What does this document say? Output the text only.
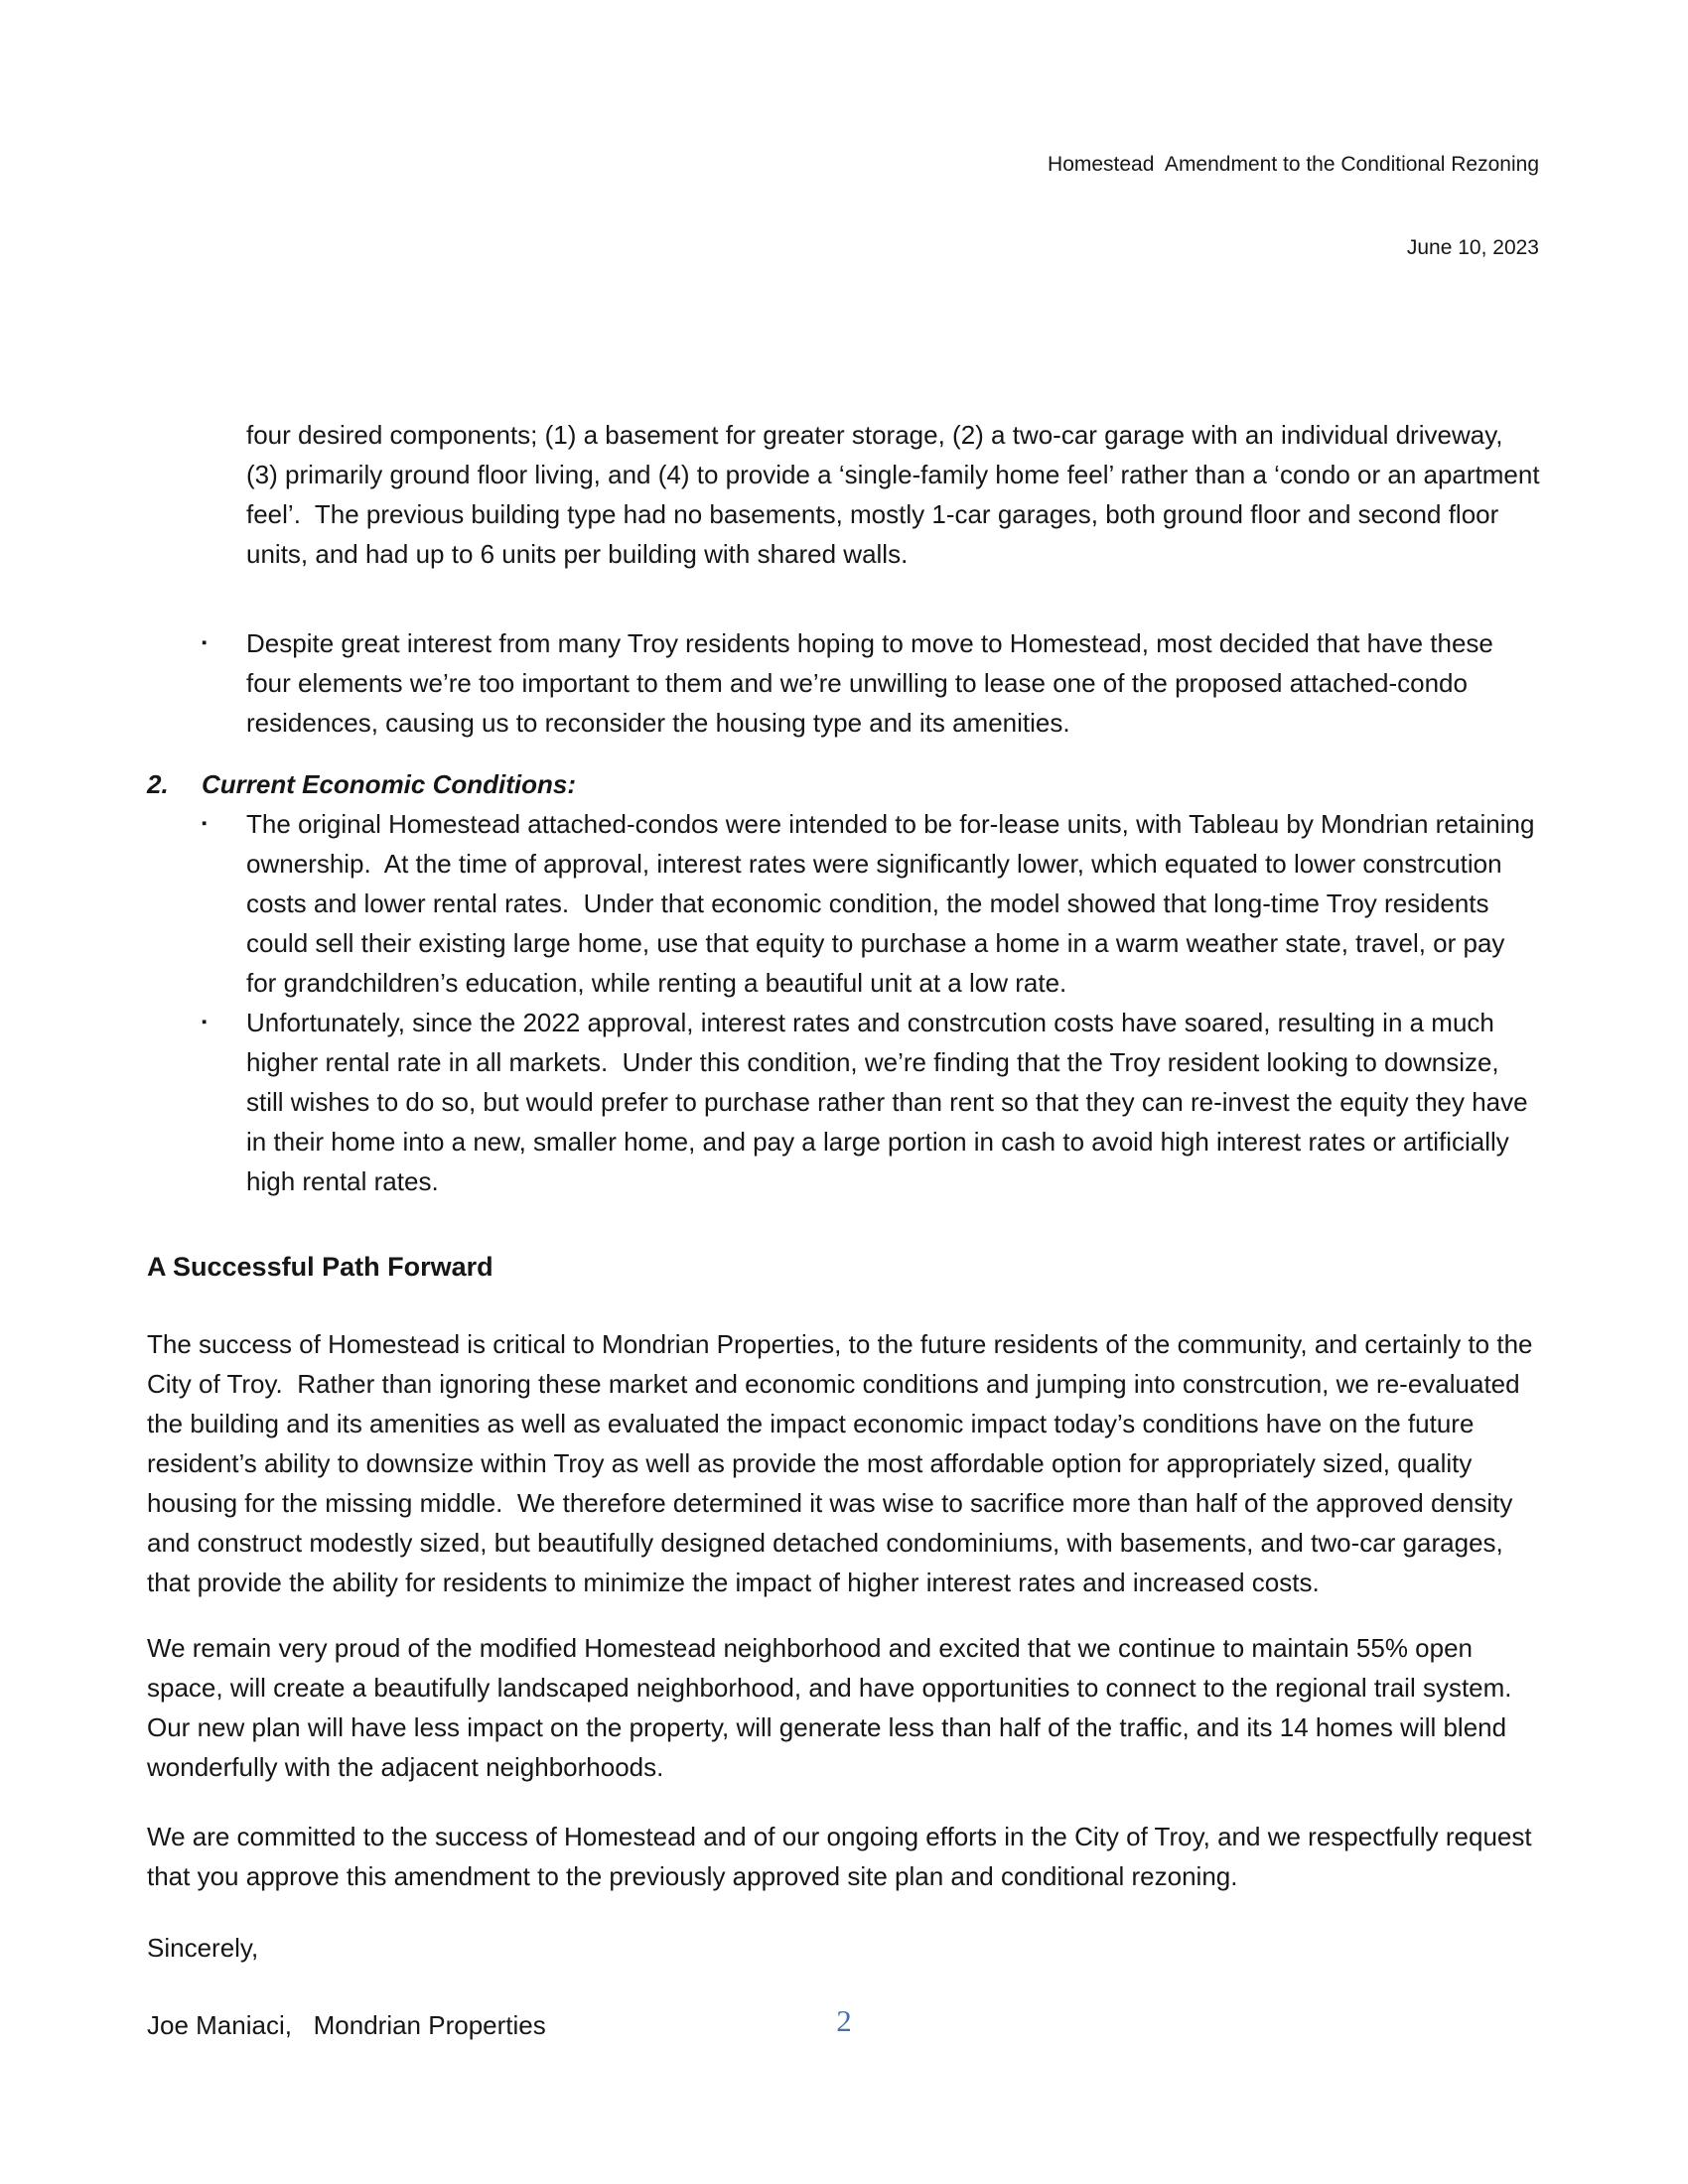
Homestead  Amendment to the Conditional Rezoning

June 10, 2023

four desired components; (1) a basement for greater storage, (2) a two-car garage with an individual driveway, (3) primarily ground floor living, and (4) to provide a ‘single-family home feel’ rather than a ‘condo or an apartment feel’.  The previous building type had no basements, mostly 1-car garages, both ground floor and second floor units, and had up to 6 units per building with shared walls.

▪	Despite great interest from many Troy residents hoping to move to Homestead, most decided that have these four elements we’re too important to them and we’re unwilling to lease one of the proposed attached-condo residences, causing us to reconsider the housing type and its amenities.
2.	Current Economic Conditions:
▪	The original Homestead attached-condos were intended to be for-lease units, with Tableau by Mondrian retaining ownership.  At the time of approval, interest rates were significantly lower, which equated to lower constrcution costs and lower rental rates.  Under that economic condition, the model showed that long-time Troy residents could sell their existing large home, use that equity to purchase a home in a warm weather state, travel, or pay for grandchildren’s education, while renting a beautiful unit at a low rate.
▪	Unfortunately, since the 2022 approval, interest rates and constrcution costs have soared, resulting in a much higher rental rate in all markets.  Under this condition, we’re finding that the Troy resident looking to downsize, still wishes to do so, but would prefer to purchase rather than rent so that they can re-invest the equity they have in their home into a new, smaller home, and pay a large portion in cash to avoid high interest rates or artificially high rental rates.
A Successful Path Forward

The success of Homestead is critical to Mondrian Properties, to the future residents of the community, and certainly to the City of Troy.  Rather than ignoring these market and economic conditions and jumping into constrcution, we re-evaluated the building and its amenities as well as evaluated the impact economic impact today’s conditions have on the future resident’s ability to downsize within Troy as well as provide the most affordable option for appropriately sized, quality housing for the missing middle.  We therefore determined it was wise to sacrifice more than half of the approved density and construct modestly sized, but beautifully designed detached condominiums, with basements, and two-car garages, that provide the ability for residents to minimize the impact of higher interest rates and increased costs.

We remain very proud of the modified Homestead neighborhood and excited that we continue to maintain 55% open space, will create a beautifully landscaped neighborhood, and have opportunities to connect to the regional trail system.  Our new plan will have less impact on the property, will generate less than half of the traffic, and its 14 homes will blend wonderfully with the adjacent neighborhoods.

We are committed to the success of Homestead and of our ongoing efforts in the City of Troy, and we respectfully request that you approve this amendment to the previously approved site plan and conditional rezoning.

Sincerely,

Joe Maniaci,   Mondrian Properties	2
